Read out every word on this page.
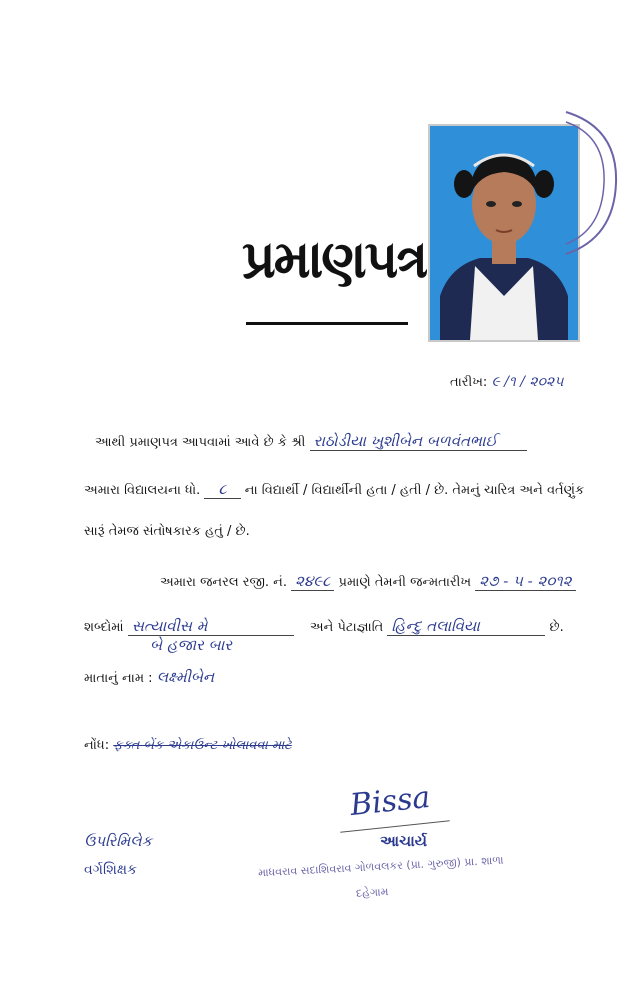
પ્રમાણપત્ર
તારીખ: ૯ /૧ / ૨૦૨૫
આથી પ્રમાણપત્ર આપવામાં આવે છે કે શ્રી રાઠોડીયા ખુશીબેન બળવંતભાઈ
અમારા વિદ્યાલયના ધો. ૮ ના વિદ્યાર્થી / વિદ્યાર્થીની હતા / હતી / છે. તેમનું ચારિત્ર અને વર્તણુંક
સારૂં તેમજ સંતોષકારક હતું / છે.
અમારા જનરલ રજી. નં. ૨૪૯૮ પ્રમાણે તેમની જન્મતારીખ ૨૭ - ૫ - ૨૦૧૨
શબ્દોમાં સત્યાવીસ મે	અને પેટાજ્ઞાતિ હિન્દુ તલાવિયા	છે.
બે હજાર બાર
માતાનું નામ : લક્ષ્મીબેન
નોંધ: ફક્ત બેંક એકાઉન્ટ ખોલાવવા માટે
Bissa
આચાર્ય
માધવરાવ સદાશિવરાવ ગોળવલકર (પ્રા. ગુરુજી) પ્રા. શાળા
દહેગામ
ઉપરિમિલેક
વર્ગશિક્ષક
